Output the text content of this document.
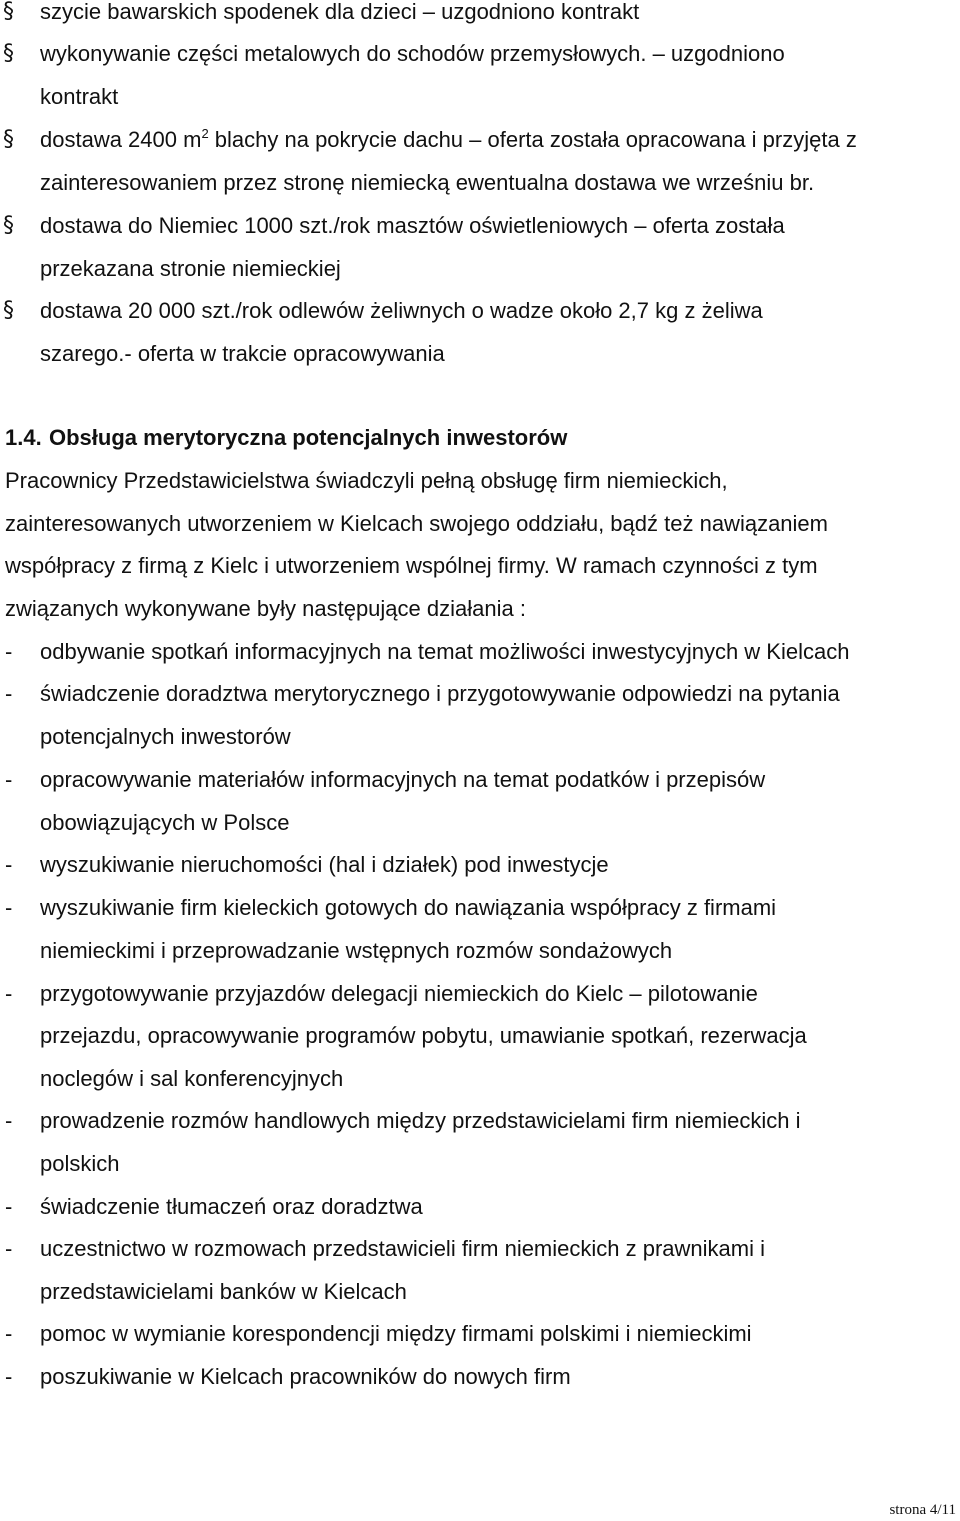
§ szycie bawarskich spodenek dla dzieci – uzgodniono kontrakt
§ wykonywanie części metalowych do schodów przemysłowych. – uzgodniono
kontrakt
§ dostawa 2400 $m^2$ blachy na pokrycie dachu – oferta została opracowana i przyjęta z
zainteresowaniem przez stronę niemiecką ewentualna dostawa we wrześniu br.
§ dostawa do Niemiec 1000 szt./rok masztów oświetleniowych – oferta została
przekazana stronie niemieckiej
§ dostawa 20 000 szt./rok odlewów żeliwnych o wadze około 2,7 kg z żeliwa
szarego.- oferta w trakcie opracowywania
1.4. Obsługa merytoryczna potencjalnych inwestorów
Pracownicy Przedstawicielstwa świadczyli pełną obsługę firm niemieckich,
zainteresowanych utworzeniem w Kielcach swojego oddziału, bądź też nawiązaniem
współpracy z firmą z Kielc i utworzeniem wspólnej firmy. W ramach czynności z tym
związanych wykonywane były następujące działania :
- odbywanie spotkań informacyjnych na temat możliwości inwestycyjnych w Kielcach
- świadczenie doradztwa merytorycznego i przygotowywanie odpowiedzi na pytania
potencjalnych inwestorów
- opracowywanie materiałów informacyjnych na temat podatków i przepisów
obowiązujących w Polsce
- wyszukiwanie nieruchomości (hal i działek) pod inwestycje
- wyszukiwanie firm kieleckich gotowych do nawiązania współpracy z firmami
niemieckimi i przeprowadzanie wstępnych rozmów sondażowych
- przygotowywanie przyjazdów delegacji niemieckich do Kielc – pilotowanie
przejazdu, opracowywanie programów pobytu, umawianie spotkań, rezerwacja
noclegów i sal konferencyjnych
- prowadzenie rozmów handlowych między przedstawicielami firm niemieckich i
polskich
- świadczenie tłumaczeń oraz doradztwa
- uczestnictwo w rozmowach przedstawicieli firm niemieckich z prawnikami i
przedstawicielami banków w Kielcach
- pomoc w wymianie korespondencji między firmami polskimi i niemieckimi
- poszukiwanie w Kielcach pracowników do nowych firm
strona 4/11
